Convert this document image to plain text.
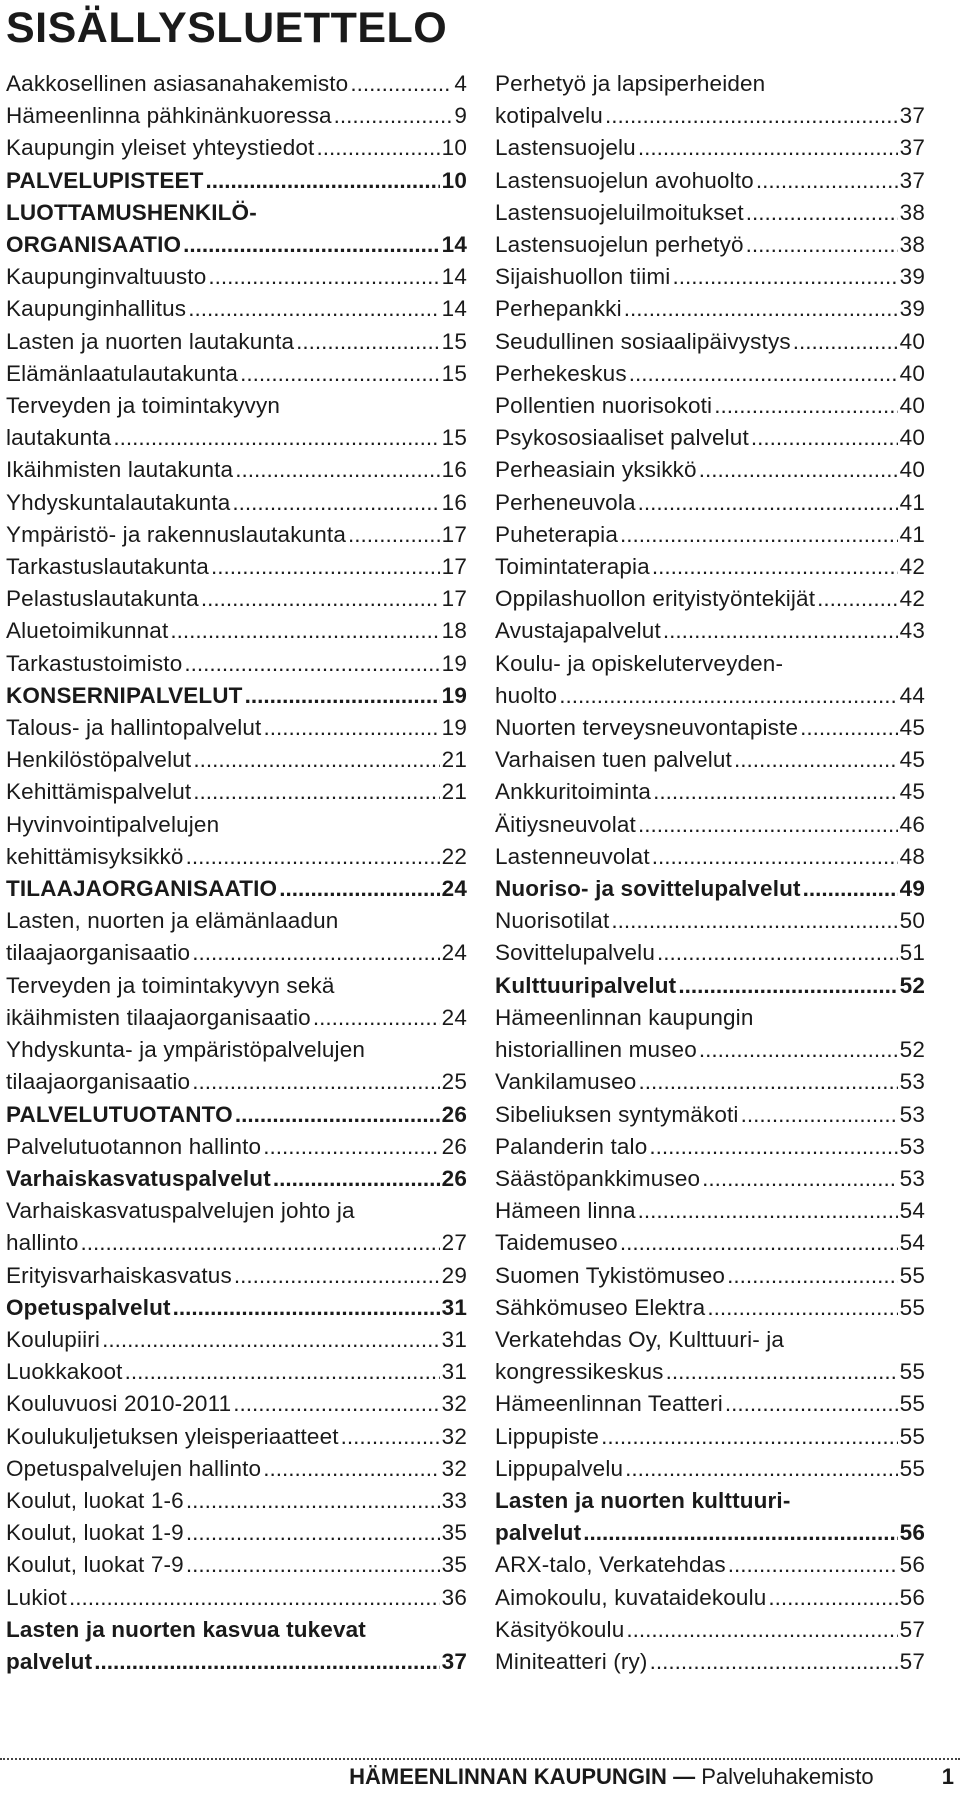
SISÄLLYSLUETTELO
Aakkosellinen asiasanahakemisto .....	4
Hämeenlinna pähkinänkuoressa .....	9
Kaupungin yleiset yhteystiedot .....	10
PALVELUPISTEET .....	10
LUOTTAMUSHENKILÖ-
ORGANISAATIO .....	14
Kaupunginvaltuusto .....	14
Kaupunginhallitus .....	14
Lasten ja nuorten lautakunta .....	15
Elämänlaatulautakunta .....	15
Terveyden ja toimintakyvyn
lautakunta .....	15
Ikäihmisten lautakunta .....	16
Yhdyskuntalautakunta .....	16
Ympäristö- ja rakennuslautakunta .....	17
Tarkastuslautakunta .....	17
Pelastuslautakunta .....	17
Aluetoimikunnat .....	18
Tarkastustoimisto .....	19
KONSERNIPALVELUT .....	19
Talous- ja hallintopalvelut .....	19
Henkilöstöpalvelut .....	21
Kehittämispalvelut .....	21
Hyvinvointipalvelujen
kehittämisyksikkö .....	22
TILAAJAORGANISAATIO .....	24
Lasten, nuorten ja elämänlaadun
tilaajaorganisaatio .....	24
Terveyden ja toimintakyvyn sekä
ikäihmisten tilaajaorganisaatio .....	24
Yhdyskunta- ja ympäristöpalvelujen
tilaajaorganisaatio .....	25
PALVELUTUOTANTO .....	26
Palvelutuotannon hallinto .....	26
Varhaiskasvatuspalvelut .....	26
Varhaiskasvatuspalvelujen johto ja
hallinto .....	27
Erityisvarhaiskasvatus .....	29
Opetuspalvelut .....	31
Koulupiiri .....	31
Luokkakoot .....	31
Kouluvuosi 2010-2011 .....	32
Koulukuljetuksen yleisperiaatteet .....	32
Opetuspalvelujen hallinto .....	32
Koulut, luokat 1-6 .....	33
Koulut, luokat 1-9 .....	35
Koulut, luokat 7-9 .....	35
Lukiot .....	36
Lasten ja nuorten kasvua tukevat
palvelut .....	37
Perhetyö ja lapsiperheiden
kotipalvelu .....	37
Lastensuojelu .....	37
Lastensuojelun avohuolto .....	37
Lastensuojeluilmoitukset .....	38
Lastensuojelun perhetyö .....	38
Sijaishuollon tiimi .....	39
Perhepankki .....	39
Seudullinen sosiaalipäivystys .....	40
Perhekeskus .....	40
Pollentien nuorisokoti .....	40
Psykososiaaliset palvelut .....	40
Perheasiain yksikkö .....	40
Perheneuvola .....	41
Puheterapia .....	41
Toimintaterapia .....	42
Oppilashuollon erityistyöntekijät .....	42
Avustajapalvelut .....	43
Koulu- ja opiskeluterveyden-
huolto .....	44
Nuorten terveysneuvontapiste .....	45
Varhaisen tuen palvelut .....	45
Ankkuritoiminta .....	45
Äitiysneuvolat .....	46
Lastenneuvolat .....	48
Nuoriso- ja sovittelupalvelut .....	49
Nuorisotilat .....	50
Sovittelupalvelu .....	51
Kulttuuripalvelut .....	52
Hämeenlinnan kaupungin
historiallinen museo .....	52
Vankilamuseo .....	53
Sibeliuksen syntymäkoti .....	53
Palanderin talo .....	53
Säästöpankkimuseo .....	53
Hämeen linna .....	54
Taidemuseo .....	54
Suomen Tykistömuseo .....	55
Sähkömuseo Elektra .....	55
Verkatehdas Oy, Kulttuuri- ja
kongressikeskus .....	55
Hämeenlinnan Teatteri .....	55
Lippupiste .....	55
Lippupalvelu .....	55
Lasten ja nuorten kulttuuri-
palvelut .....	56
ARX-talo, Verkatehdas .....	56
Aimokoulu, kuvataidekoulu .....	56
Käsityökoulu .....	57
Miniteatteri (ry) .....	57
HÄMEENLINNAN KAUPUNGIN — Palveluhakemisto	1
